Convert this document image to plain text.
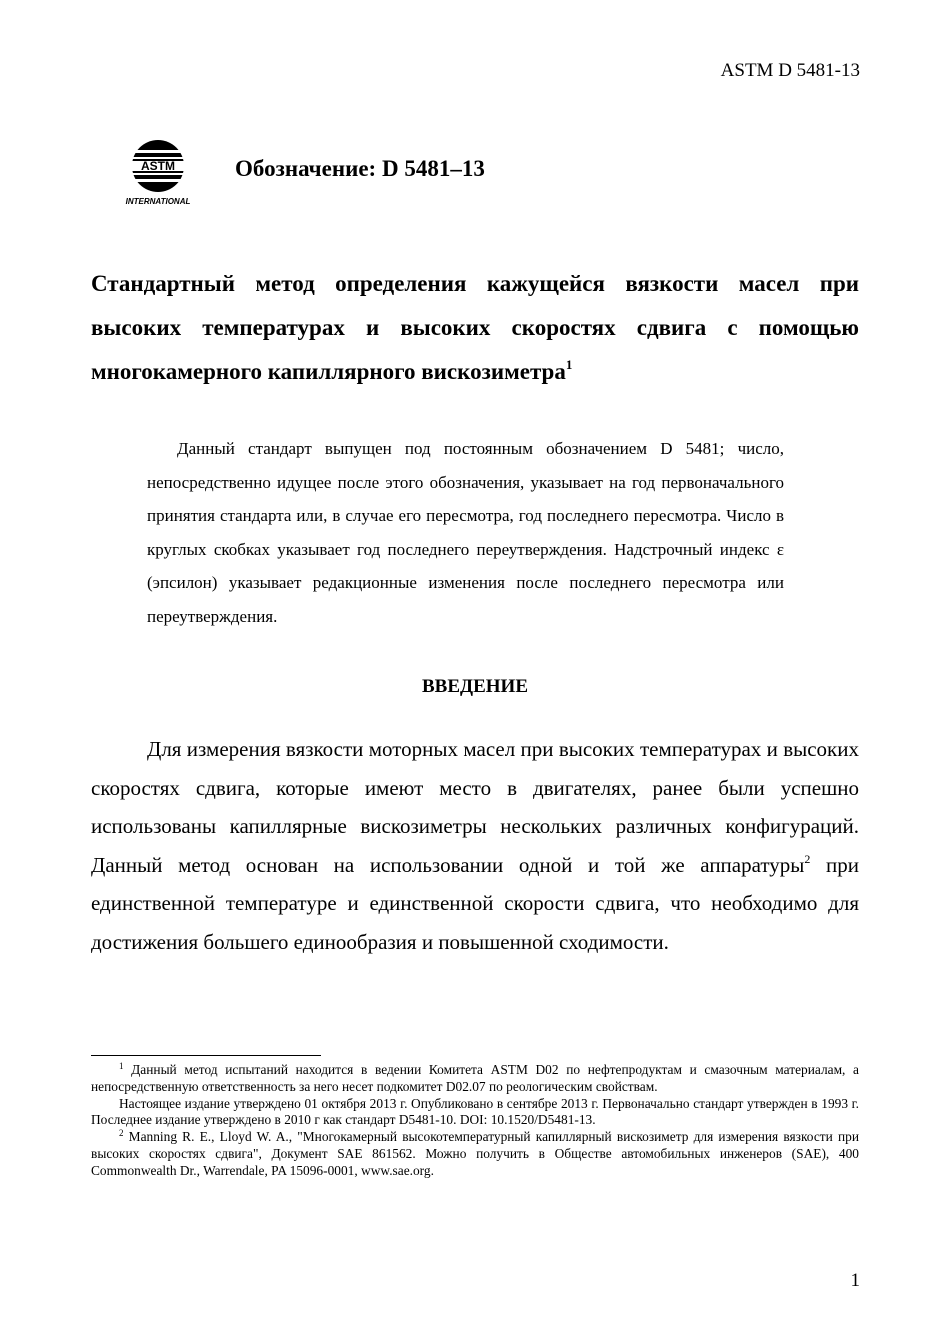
ASTM D 5481-13
ASTM
INTERNATIONAL
Обозначение: D 5481–13
Стандартный метод определения кажущейся вязкости масел при высоких температурах и высоких скоростях сдвига с помощью многокамерного капиллярного вискозиметра$^1$
Данный стандарт выпущен под постоянным обозначением D 5481; число, непосредственно идущее после этого обозначения, указывает на год первоначального принятия стандарта или, в случае его пересмотра, год последнего пересмотра. Число в круглых скобках указывает год последнего переутверждения. Надстрочный индекс ε (эпсилон) указывает редакционные изменения после последнего пересмотра или переутверждения.
ВВЕДЕНИЕ
Для измерения вязкости моторных масел при высоких температурах и высоких скоростях сдвига, которые имеют место в двигателях, ранее были успешно использованы капиллярные вискозиметры нескольких различных конфигураций. Данный метод основан на использовании одной и той же аппаратуры$^2$ при единственной температуре и единственной скорости сдвига, что необходимо для достижения большего единообразия и повышенной сходимости.

$^1$ Данный метод испытаний находится в ведении Комитета ASTM D02 по нефтепродуктам и смазочным материалам, а непосредственную ответственность за него несет подкомитет D02.07 по реологическим свойствам.

Настоящее издание утверждено 01 октября 2013 г. Опубликовано в сентябре 2013 г. Первоначально стандарт утвержден в 1993 г. Последнее издание утверждено в 2010 г как стандарт D5481-10. DOI: 10.1520/D5481-13.

$^2$ Manning R. E., Lloyd W. A., "Многокамерный высокотемпературный капиллярный вискозиметр для измерения вязкости при высоких скоростях сдвига", Документ SAE 861562. Можно получить в Обществе автомобильных инженеров (SAE), 400 Commonwealth Dr., Warrendale, PA 15096-0001, www.sae.org.

1
